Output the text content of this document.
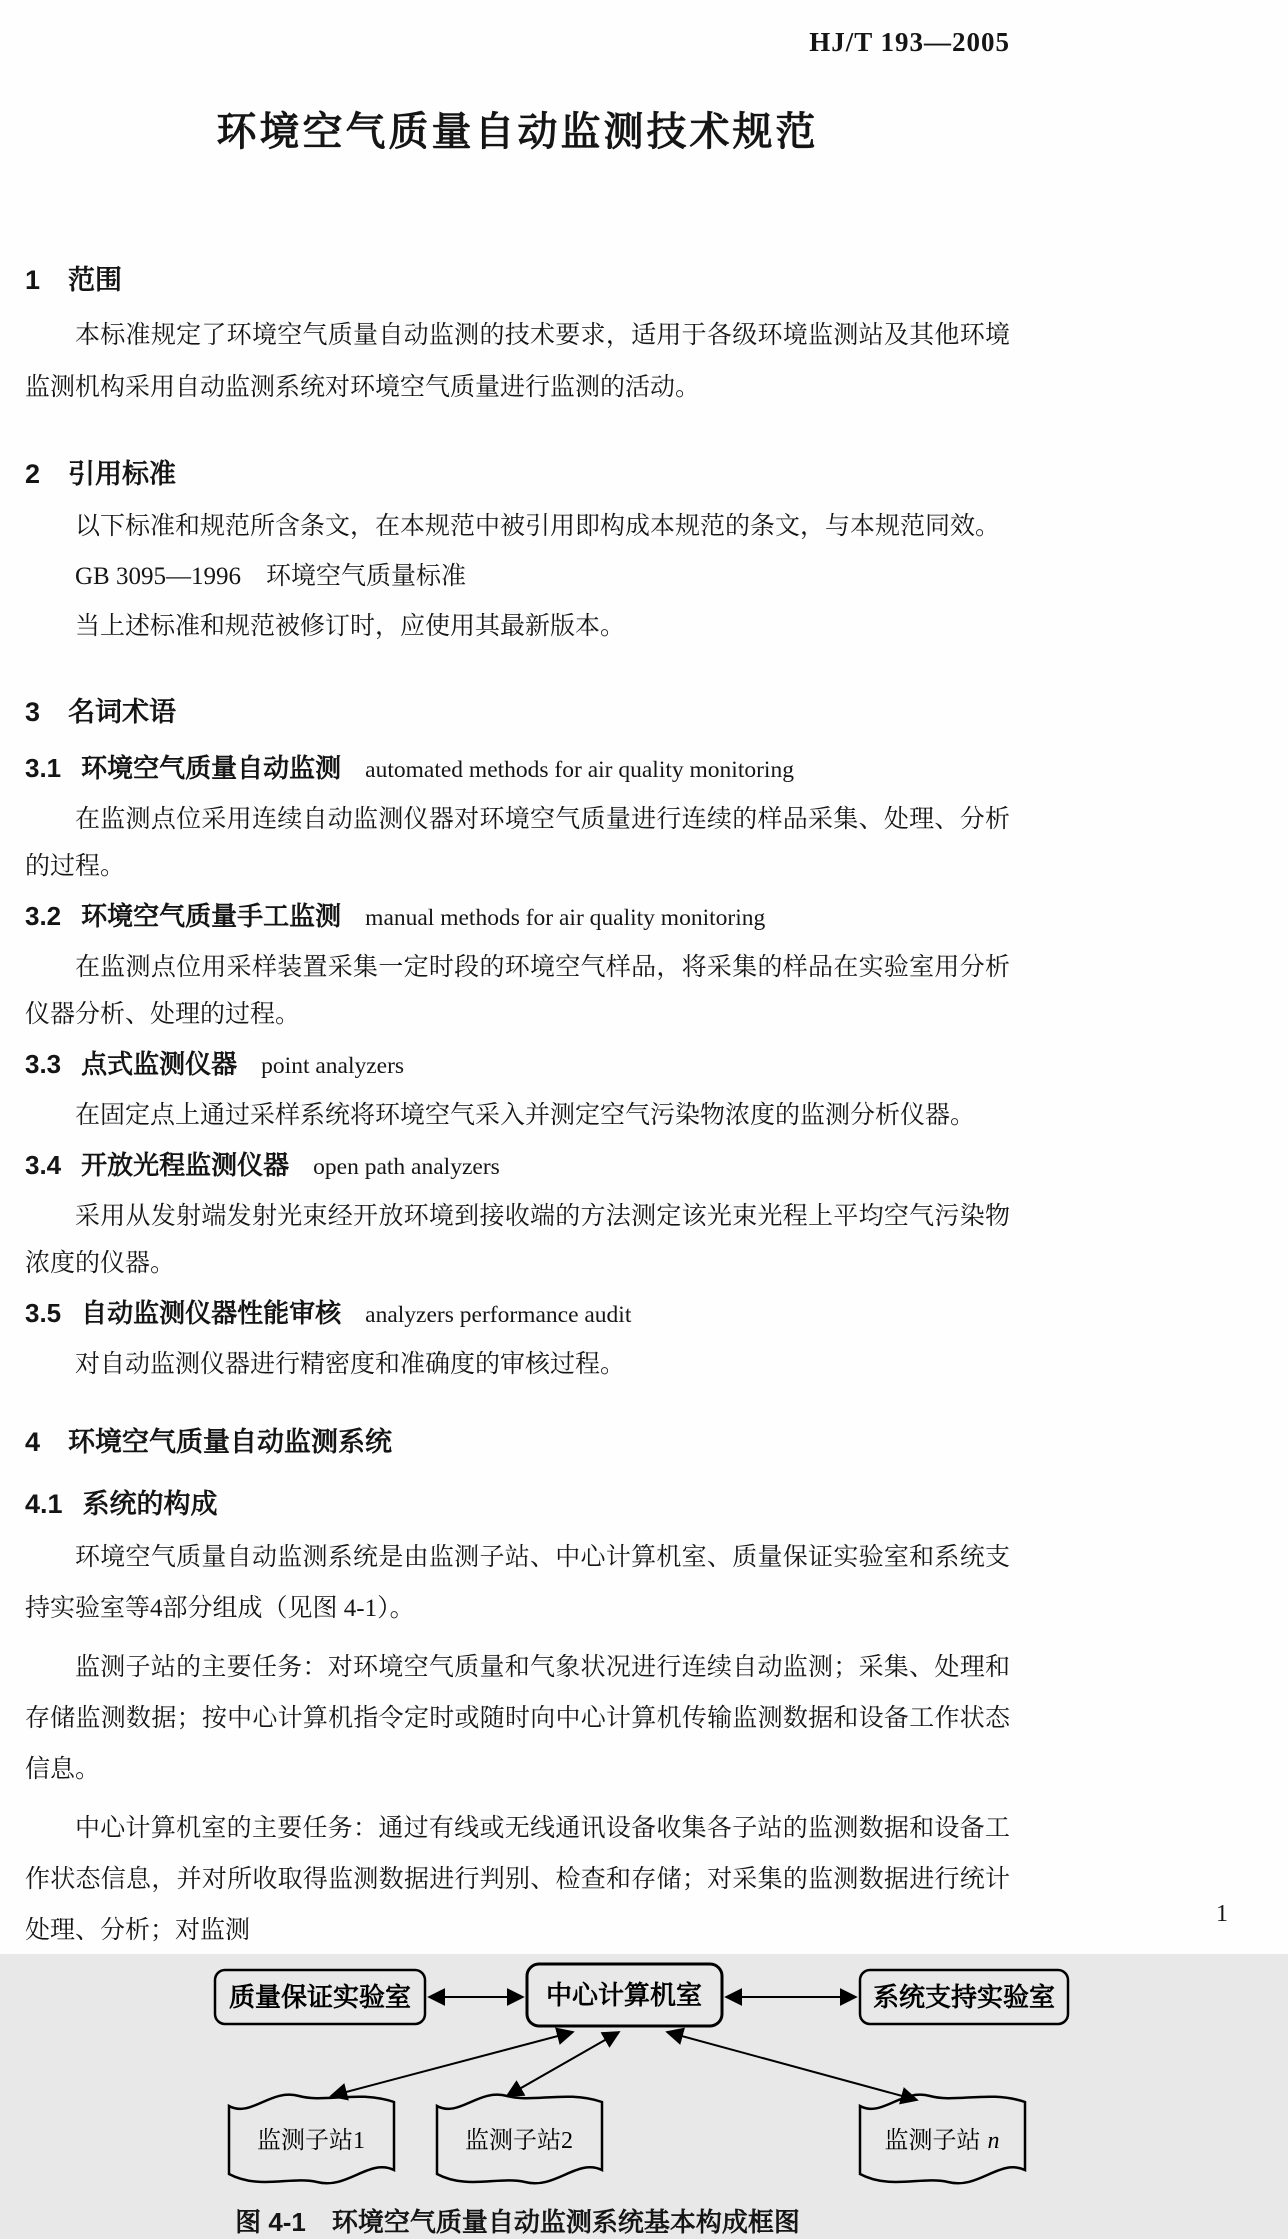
HJ/T 193—2005
环境空气质量自动监测技术规范
1 范围

本标准规定了环境空气质量自动监测的技术要求，适用于各级环境监测站及其他环境监测机构采用自动监测系统对环境空气质量进行监测的活动。

2 引用标准

以下标准和规范所含条文，在本规范中被引用即构成本规范的条文，与本规范同效。

GB 3095—1996　环境空气质量标准

当上述标准和规范被修订时，应使用其最新版本。

3 名词术语

3.1 环境空气质量自动监测 automated methods for air quality monitoring

在监测点位采用连续自动监测仪器对环境空气质量进行连续的样品采集、处理、分析的过程。

3.2 环境空气质量手工监测 manual methods for air quality monitoring

在监测点位用采样装置采集一定时段的环境空气样品，将采集的样品在实验室用分析仪器分析、处理的过程。

3.3 点式监测仪器 point analyzers

在固定点上通过采样系统将环境空气采入并测定空气污染物浓度的监测分析仪器。

3.4 开放光程监测仪器 open path analyzers

采用从发射端发射光束经开放环境到接收端的方法测定该光束光程上平均空气污染物浓度的仪器。

3.5 自动监测仪器性能审核 analyzers performance audit

对自动监测仪器进行精密度和准确度的审核过程。

4 环境空气质量自动监测系统
4.1 系统的构成

环境空气质量自动监测系统是由监测子站、中心计算机室、质量保证实验室和系统支持实验室等4部分组成（见图 4-1）。

监测子站的主要任务：对环境空气质量和气象状况进行连续自动监测；采集、处理和存储监测数据；按中心计算机指令定时或随时向中心计算机传输监测数据和设备工作状态信息。

中心计算机室的主要任务：通过有线或无线通讯设备收集各子站的监测数据和设备工作状态信息，并对所收取得监测数据进行判别、检查和存储；对采集的监测数据进行统计处理、分析；对监测

质量保证实验室	中心计算机室	系统支持实验室
监测子站1	监测子站2	监测子站 n
图 4-1　环境空气质量自动监测系统基本构成框图
1
